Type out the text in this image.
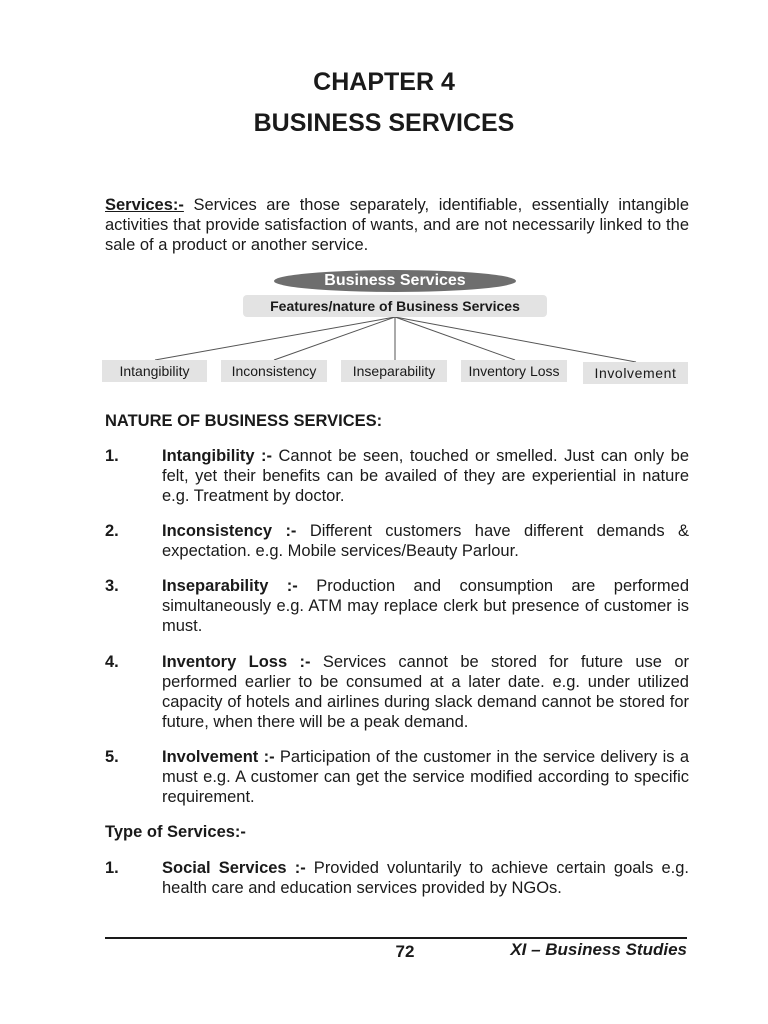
CHAPTER 4
BUSINESS SERVICES

Services:- Services are those separately, identifiable, essentially intangible activities that provide satisfaction of wants, and are not necessarily linked to the sale of a product or another service.

Business Services
Features/nature of Business Services
Intangibility	Inconsistency	Inseparability	Inventory Loss	Involvement
NATURE OF BUSINESS SERVICES:
1.	Intangibility :- Cannot be seen, touched or smelled. Just can only be felt, yet their benefits can be availed of they are experiential in nature e.g. Treatment by doctor.
2.	Inconsistency :- Different customers have different demands & expectation. e.g. Mobile services/Beauty Parlour.
3.	Inseparability :- Production and consumption are performed simultaneously e.g. ATM may replace clerk but presence of customer is must.
4.	Inventory Loss :- Services cannot be stored for future use or performed earlier to be consumed at a later date. e.g. under utilized capacity of hotels and airlines during slack demand cannot be stored for future, when there will be a peak demand.
5.	Involvement :- Participation of the customer in the service delivery is a must e.g. A customer can get the service modified according to specific requirement.
Type of Services:-
1.	Social Services :- Provided voluntarily to achieve certain goals e.g. health care and education services provided by NGOs.
72	XI – Business Studies
